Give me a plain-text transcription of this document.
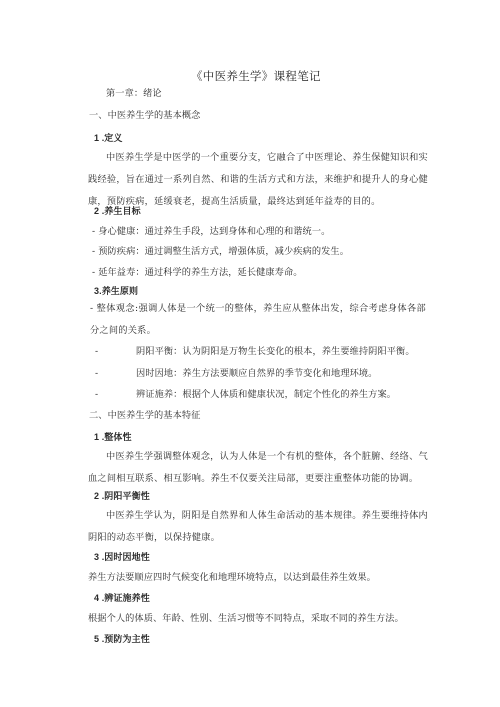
《中医养生学》课程笔记
第一章：绪论
一、中医养生学的基本概念
1 .定义
中医养生学是中医学的一个重要分支，它融合了中医理论、养生保健知识和实践经验，旨在通过一系列自然、和谐的生活方式和方法，来维护和提升人的身心健康，预防疾病，延缓衰老，提高生活质量，最终达到延年益寿的目的。
2 .养生目标
- 身心健康：通过养生手段，达到身体和心理的和谐统一。
- 预防疾病：通过调整生活方式，增强体质，减少疾病的发生。
- 延年益寿：通过科学的养生方法，延长健康寿命。
3.养生原则
- 整体观念:强调人体是一个统一的整体，养生应从整体出发，综合考虑身体各部分之间的关系。
-	阴阳平衡：认为阴阳是万物生长变化的根本，养生要维持阴阳平衡。
-	因时因地：养生方法要顺应自然界的季节变化和地理环境。
-	辨证施养：根据个人体质和健康状况，制定个性化的养生方案。
二、中医养生学的基本特征
1 .整体性
中医养生学强调整体观念，认为人体是一个有机的整体，各个脏腑、经络、气血之间相互联系、相互影响。养生不仅要关注局部，更要注重整体功能的协调。
2 .阴阳平衡性
中医养生学认为，阴阳是自然界和人体生命活动的基本规律。养生要维持体内阴阳的动态平衡，以保持健康。
3 .因时因地性
养生方法要顺应四时气候变化和地理环境特点，以达到最佳养生效果。
4 .辨证施养性
根据个人的体质、年龄、性别、生活习惯等不同特点，采取不同的养生方法。
5 .预防为主性
